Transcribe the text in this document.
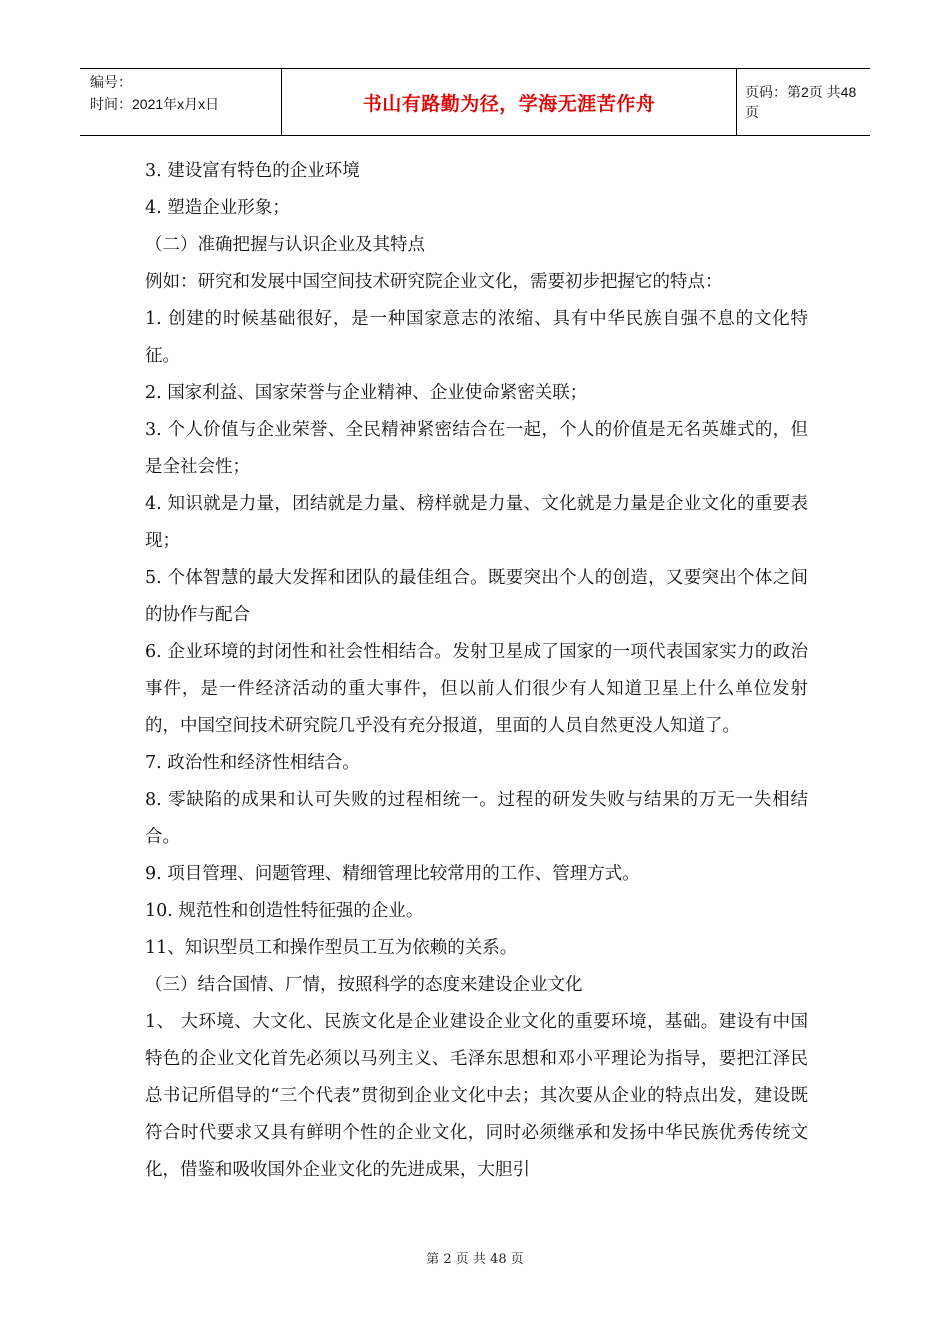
编号：
时间：2021年x月x日	书山有路勤为径，学海无涯苦作舟
页码：第2页 共48页

3. 建设富有特色的企业环境

4. 塑造企业形象；

（二）准确把握与认识企业及其特点

例如：研究和发展中国空间技术研究院企业文化，需要初步把握它的特点：

1. 创建的时候基础很好，是一种国家意志的浓缩、具有中华民族自强不息的文化特征。

2. 国家利益、国家荣誉与企业精神、企业使命紧密关联；

3. 个人价值与企业荣誉、全民精神紧密结合在一起，个人的价值是无名英雄式的，但是全社会性；

4. 知识就是力量，团结就是力量、榜样就是力量、文化就是力量是企业文化的重要表现；

5. 个体智慧的最大发挥和团队的最佳组合。既要突出个人的创造，又要突出个体之间的协作与配合

6. 企业环境的封闭性和社会性相结合。发射卫星成了国家的一项代表国家实力的政治事件，是一件经济活动的重大事件，但以前人们很少有人知道卫星上什么单位发射的，中国空间技术研究院几乎没有充分报道，里面的人员自然更没人知道了。

7. 政治性和经济性相结合。

8. 零缺陷的成果和认可失败的过程相统一。过程的研发失败与结果的万无一失相结合。

9. 项目管理、问题管理、精细管理比较常用的工作、管理方式。

10. 规范性和创造性特征强的企业。

11、知识型员工和操作型员工互为依赖的关系。

（三）结合国情、厂情，按照科学的态度来建设企业文化

1、 大环境、大文化、民族文化是企业建设企业文化的重要环境，基础。建设有中国特色的企业文化首先必须以马列主义、毛泽东思想和邓小平理论为指导，要把江泽民总书记所倡导的“三个代表”贯彻到企业文化中去；其次要从企业的特点出发，建设既符合时代要求又具有鲜明个性的企业文化，同时必须继承和发扬中华民族优秀传统文化，借鉴和吸收国外企业文化的先进成果，大胆引

第 2 页 共 48 页
